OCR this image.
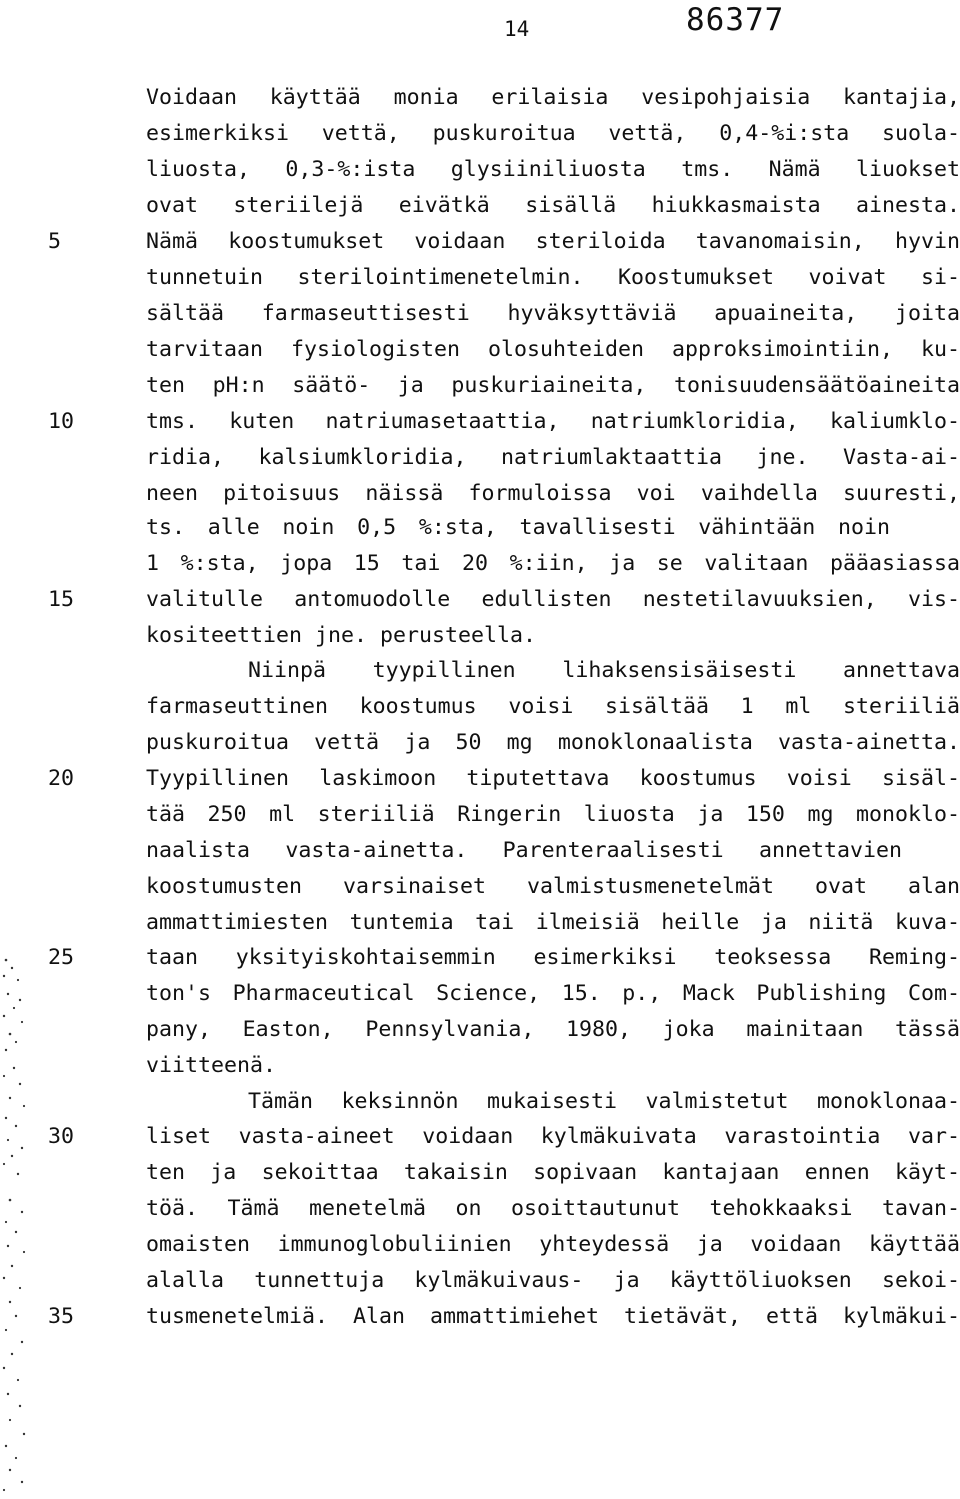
14	86377
5
10
15
20
25
30
35
Voidaan käyttää monia erilaisia vesipohjaisia kantajia,
esimerkiksi vettä, puskuroitua vettä, 0,4-%i:sta suola-
liuosta, 0,3-%:ista glysiiniliuosta tms. Nämä liuokset
ovat steriilejä eivätkä sisällä hiukkasmaista ainesta.
Nämä koostumukset voidaan steriloida tavanomaisin, hyvin
tunnetuin sterilointimenetelmin. Koostumukset voivat si-
sältää farmaseuttisesti hyväksyttäviä apuaineita, joita
tarvitaan fysiologisten olosuhteiden approksimointiin, ku-
ten pH:n säätö- ja puskuriaineita, tonisuudensäätöaineita
tms. kuten natriumasetaattia, natriumkloridia, kaliumklo-
ridia, kalsiumkloridia, natriumlaktaattia jne. Vasta-ai-
neen pitoisuus näissä formuloissa voi vaihdella suuresti,
ts. alle noin 0,5 %:sta, tavallisesti vähintään noin
1 %:sta, jopa 15 tai 20 %:iin, ja se valitaan pääasiassa
valitulle antomuodolle edullisten nestetilavuuksien, vis-
kositeettien jne. perusteella.
Niinpä tyypillinen lihaksensisäisesti annettava
farmaseuttinen koostumus voisi sisältää 1 ml steriiliä
puskuroitua vettä ja 50 mg monoklonaalista vasta-ainetta.
Tyypillinen laskimoon tiputettava koostumus voisi sisäl-
tää 250 ml steriiliä Ringerin liuosta ja 150 mg monoklo-
naalista vasta-ainetta. Parenteraalisesti annettavien
koostumusten varsinaiset valmistusmenetelmät ovat alan
ammattimiesten tuntemia tai ilmeisiä heille ja niitä kuva-
taan yksityiskohtaisemmin esimerkiksi teoksessa Reming-
ton's Pharmaceutical Science, 15. p., Mack Publishing Com-
pany, Easton, Pennsylvania, 1980, joka mainitaan tässä
viitteenä.
Tämän keksinnön mukaisesti valmistetut monoklonaa-
liset vasta-aineet voidaan kylmäkuivata varastointia var-
ten ja sekoittaa takaisin sopivaan kantajaan ennen käyt-
töä. Tämä menetelmä on osoittautunut tehokkaaksi tavan-
omaisten immunoglobuliinien yhteydessä ja voidaan käyttää
alalla tunnettuja kylmäkuivaus- ja käyttöliuoksen sekoi-
tusmenetelmiä. Alan ammattimiehet tietävät, että kylmäkui-
